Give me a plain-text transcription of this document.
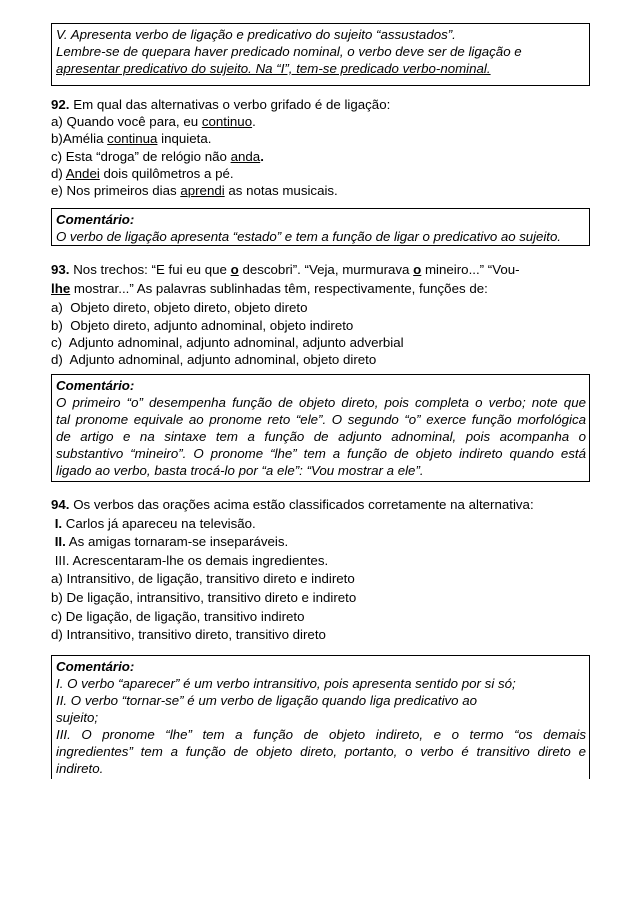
V. Apresenta verbo de ligação e predicativo do sujeito “assustados”.
Lembre-se de quepara haver predicado nominal, o verbo deve ser de ligação e
apresentar predicativo do sujeito. Na “I”, tem-se predicado verbo-nominal.
92. Em qual das alternativas o verbo grifado é de ligação:
a) Quando você para, eu continuo.
b)Amélia continua inquieta.
c) Esta “droga” de relógio não anda.
d) Andei dois quilômetros a pé.
e) Nos primeiros dias aprendi as notas musicais.
Comentário:
O verbo de ligação apresenta “estado” e tem a função de ligar o predicativo ao sujeito.
93. Nos trechos: “E fui eu que o descobri”. “Veja, murmurava o mineiro...” “Vou-
lhe mostrar...” As palavras sublinhadas têm, respectivamente, funções de:
a)  Objeto direto, objeto direto, objeto direto
b)  Objeto direto, adjunto adnominal, objeto indireto
c)  Adjunto adnominal, adjunto adnominal, adjunto adverbial
d)  Adjunto adnominal, adjunto adnominal, objeto direto
Comentário:
O primeiro “o” desempenha função de objeto direto, pois completa o verbo; note que
tal pronome equivale ao pronome reto “ele”. O segundo “o” exerce função morfológica
de artigo e na sintaxe tem a função de adjunto adnominal, pois acompanha o
substantivo “mineiro”. O pronome “lhe” tem a função de objeto indireto quando está
ligado ao verbo, basta trocá-lo por “a ele”: “Vou mostrar a ele”.
94. Os verbos das orações acima estão classificados corretamente na alternativa:
I. Carlos já apareceu na televisão.
II. As amigas tornaram-se inseparáveis.
III. Acrescentaram-lhe os demais ingredientes.
a) Intransitivo, de ligação, transitivo direto e indireto
b) De ligação, intransitivo, transitivo direto e indireto
c) De ligação, de ligação, transitivo indireto
d) Intransitivo, transitivo direto, transitivo direto
Comentário:
I. O verbo “aparecer” é um verbo intransitivo, pois apresenta sentido por si só;
II. O verbo “tornar-se” é um verbo de ligação quando liga predicativo ao
sujeito;
III. O pronome “lhe” tem a função de objeto indireto, e o termo “os demais
ingredientes” tem a função de objeto direto, portanto, o verbo é transitivo direto e
indireto.
